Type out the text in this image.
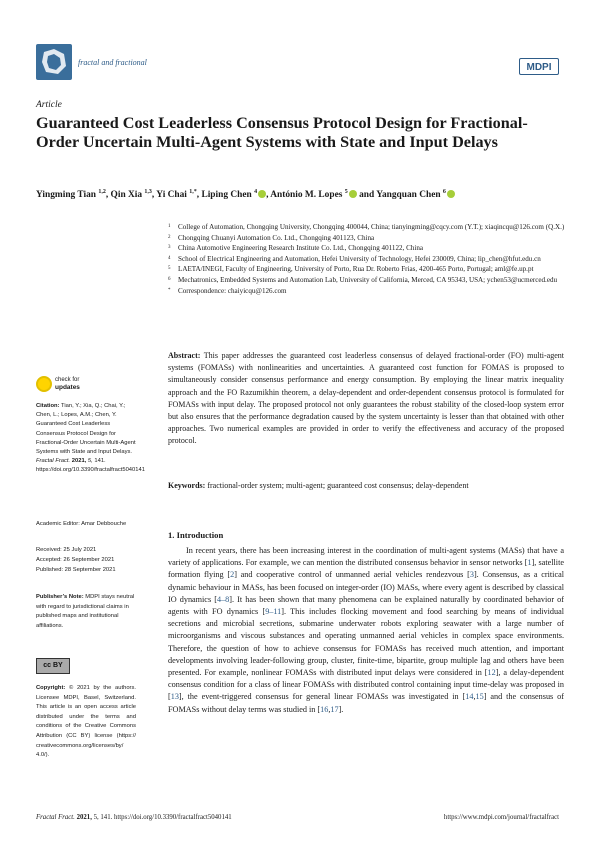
fractal and fractional	MDPI
Article
Guaranteed Cost Leaderless Consensus Protocol Design for Fractional-Order Uncertain Multi-Agent Systems with State and Input Delays
Yingming Tian $^{1,2}$, Qin Xia $^{1,3}$, Yi Chai $^{1,*}$, Liping Chen $^4$ , António M. Lopes $^5$ and Yangquan Chen $^6$
1	College of Automation, Chongqing University, Chongqing 400044, China; tianyingming@cqcy.com (Y.T.); xiaqincqu@126.com (Q.X.)
2	Chongqing Chuanyi Automation Co. Ltd., Chongqing 401123, China
3	China Automotive Engineering Research Institute Co. Ltd., Chongqing 401122, China
4	School of Electrical Engineering and Automation, Hefei University of Technology, Hefei 230009, China; lip_chen@hfut.edu.cn
5	LAETA/INEGI, Faculty of Engineering, University of Porto, Rua Dr. Roberto Frias, 4200-465 Porto, Portugal; aml@fe.up.pt
6	Mechatronics, Embedded Systems and Automation Lab, University of California, Merced, CA 95343, USA; ychen53@ucmerced.edu
*	Correspondence: chaiyicqu@126.com
Abstract: This paper addresses the guaranteed cost leaderless consensus of delayed fractional-order (FO) multi-agent systems (FOMASs) with nonlinearities and uncertainties. A guaranteed cost function for FOMAS is proposed to simultaneously consider consensus performance and energy consumption. By employing the linear matrix inequality approach and the FO Razumikhin theorem, a delay-dependent and order-dependent consensus protocol is formulated for FOMASs with input delay. The proposed protocol not only guarantees the robust stability of the closed-loop system error but also ensures that the performance degradation caused by the system uncertainty is lesser than that obtained with other approaches. Two numerical examples are provided in order to verify the effectiveness and accuracy of the proposed protocol.
Keywords: fractional-order system; multi-agent; guaranteed cost consensus; delay-dependent
check for
updates
Citation: Tian, Y.; Xia, Q.; Chai, Y.; Chen, L.; Lopes, A.M.; Chen, Y. Guaranteed Cost Leaderless Consensus Protocol Design for Fractional-Order Uncertain Multi-Agent Systems with State and Input Delays. Fractal Fract. 2021, 5, 141. https://doi.org/10.3390/fractalfract5040141
Academic Editor: Amar Debbouche
Received: 25 July 2021
Accepted: 26 September 2021
Published: 28 September 2021
Publisher’s Note: MDPI stays neutral with regard to jurisdictional claims in published maps and institutional affiliations.
cc BY
Copyright: © 2021 by the authors. Licensee MDPI, Basel, Switzerland. This article is an open access article distributed under the terms and conditions of the Creative Commons Attribution (CC BY) license (https:// creativecommons.org/licenses/by/ 4.0/).
1. Introduction
In recent years, there has been increasing interest in the coordination of multi-agent systems (MASs) that have a variety of applications. For example, we can mention the distributed consensus behavior in sensor networks [1], satellite formation flying [2] and cooperative control of unmanned aerial vehicles rendezvous [3]. Consensus, as a critical dynamic behaviour in MASs, has been focused on integer-order (IO) MASs, where every agent is described by classical IO dynamics [4–8]. It has been shown that many phenomena can be explained naturally by coordinated behavior of agents with FO dynamics [9–11]. This includes flocking movement and food searching by means of individual secretions and microbial secretions, submarine underwater robots exploring seawater with a large number of microorganisms and viscous substances and operating unmanned aerial vehicles in complex space environments. Therefore, the question of how to achieve consensus for FOMASs has received much attention, and important developments involving leader-following group, cluster, finite-time, bipartite, group multiple lag and others have been presented. For example, nonlinear FOMASs with distributed input delays were considered in [12], a delay-dependent consensus condition for a class of linear FOMASs with distributed control containing input time-delay was proposed in [13], the event-triggered consensus for general linear FOMASs was investigated in [14,15] and the consensus of FOMASs without delay terms was studied in [16,17].
Fractal Fract. 2021, 5, 141. https://doi.org/10.3390/fractalfract5040141	https://www.mdpi.com/journal/fractalfract
